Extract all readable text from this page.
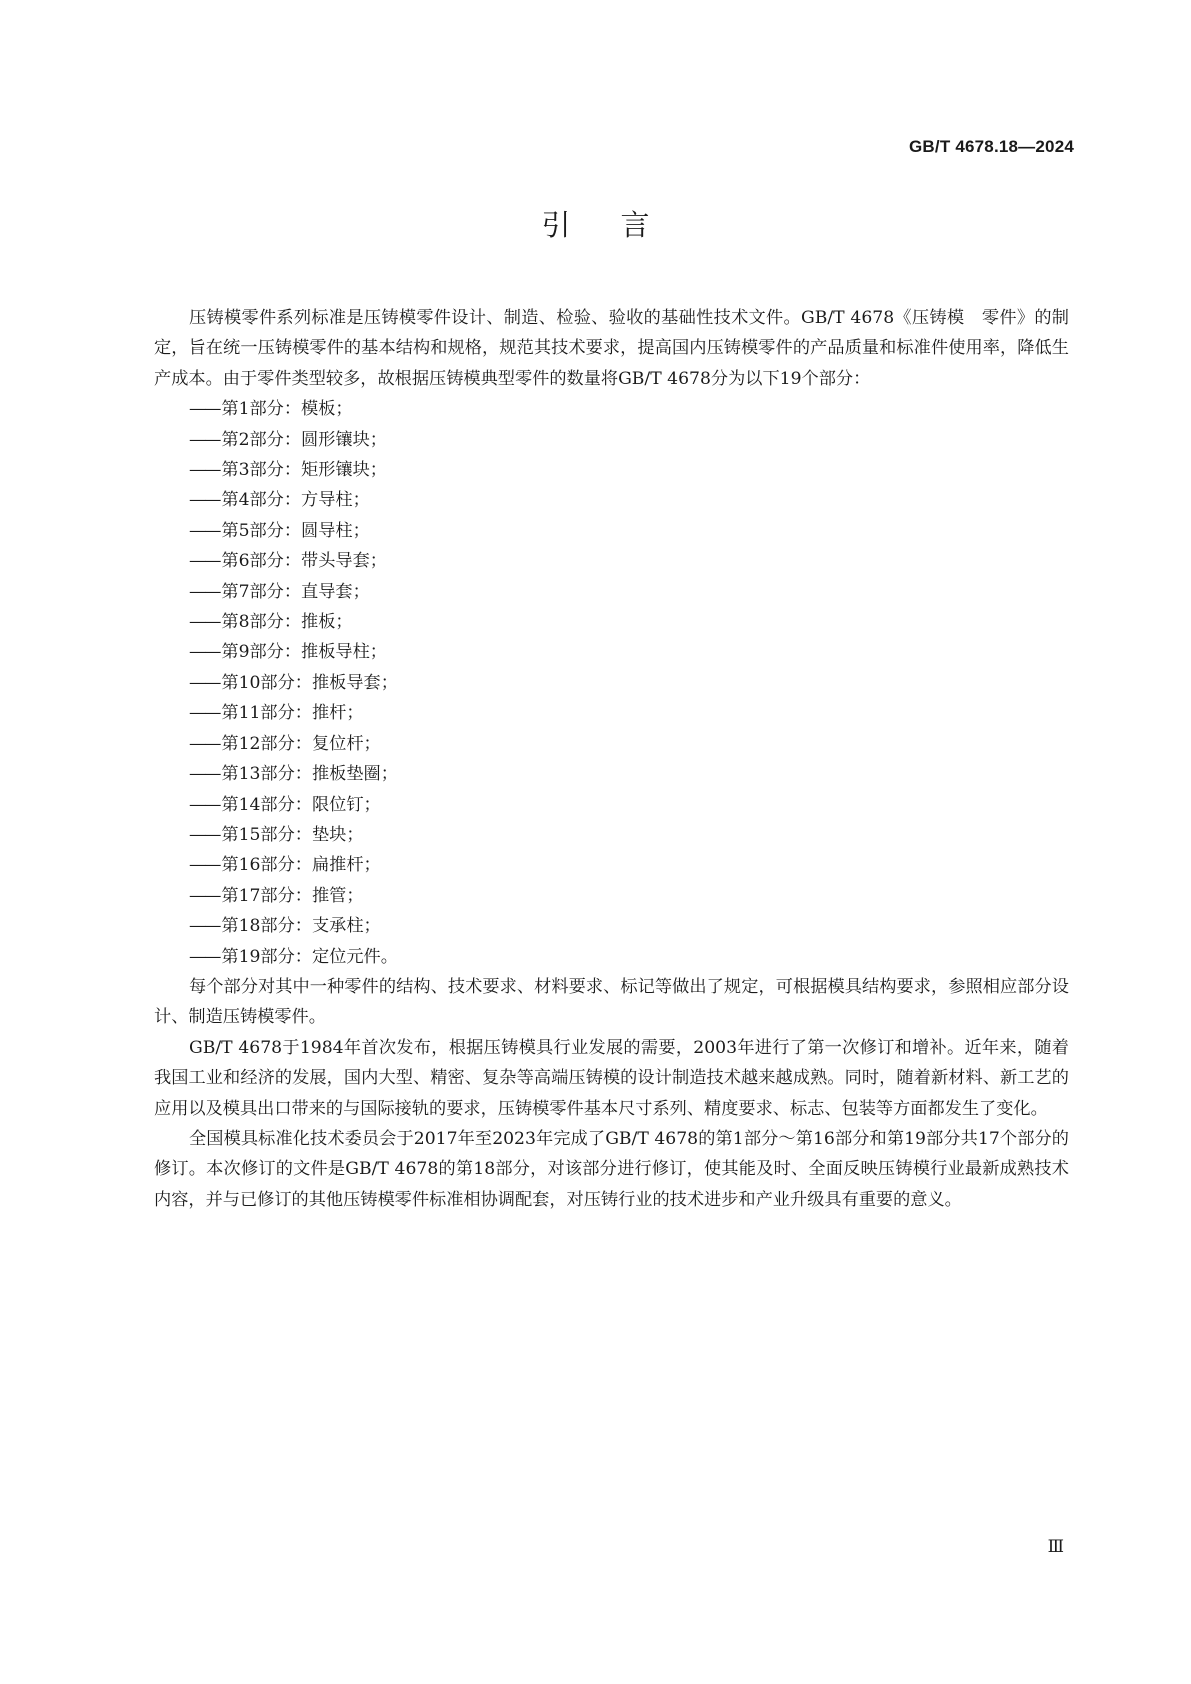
GB/T 4678.18—2024
引言

压铸模零件系列标准是压铸模零件设计、制造、检验、验收的基础性技术文件。GB/T 4678《压铸模　零件》的制定，旨在统一压铸模零件的基本结构和规格，规范其技术要求，提高国内压铸模零件的产品质量和标准件使用率，降低生产成本。由于零件类型较多，故根据压铸模典型零件的数量将GB/T 4678分为以下19个部分：

—— 第1部分：模板；
—— 第2部分：圆形镶块；
—— 第3部分：矩形镶块；
—— 第4部分：方导柱；
—— 第5部分：圆导柱；
—— 第6部分：带头导套；
—— 第7部分：直导套；
—— 第8部分：推板；
—— 第9部分：推板导柱；
—— 第10部分：推板导套；
—— 第11部分：推杆；
—— 第12部分：复位杆；
—— 第13部分：推板垫圈；
—— 第14部分：限位钉；
—— 第15部分：垫块；
—— 第16部分：扁推杆；
—— 第17部分：推管；
—— 第18部分：支承柱；
—— 第19部分：定位元件。

每个部分对其中一种零件的结构、技术要求、材料要求、标记等做出了规定，可根据模具结构要求，参照相应部分设计、制造压铸模零件。

GB/T 4678于1984年首次发布，根据压铸模具行业发展的需要，2003年进行了第一次修订和增补。近年来，随着我国工业和经济的发展，国内大型、精密、复杂等高端压铸模的设计制造技术越来越成熟。同时，随着新材料、新工艺的应用以及模具出口带来的与国际接轨的要求，压铸模零件基本尺寸系列、精度要求、标志、包装等方面都发生了变化。

全国模具标准化技术委员会于2017年至2023年完成了GB/T 4678的第1部分～第16部分和第19部分共17个部分的修订。本次修订的文件是GB/T 4678的第18部分，对该部分进行修订，使其能及时、全面反映压铸模行业最新成熟技术内容，并与已修订的其他压铸模零件标准相协调配套，对压铸行业的技术进步和产业升级具有重要的意义。

Ⅲ
